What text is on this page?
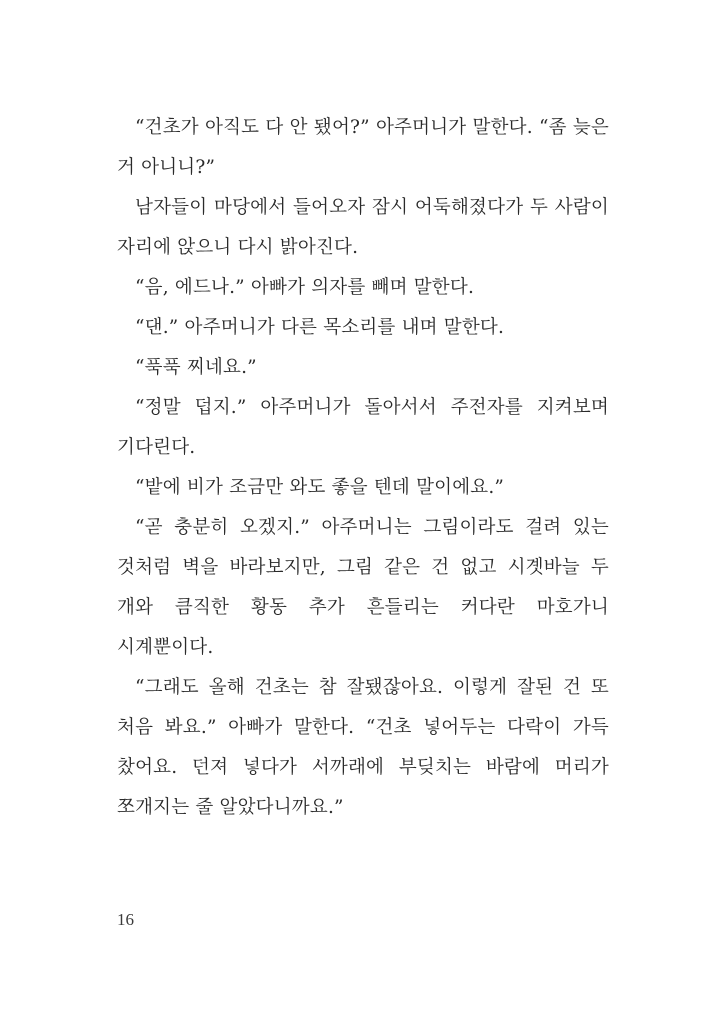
“건초가 아직도 다 안 됐어?” 아주머니가 말한다. “좀 늦은 거 아니니?”

남자들이 마당에서 들어오자 잠시 어둑해졌다가 두 사람이 자리에 앉으니 다시 밝아진다.

“음, 에드나.” 아빠가 의자를 빼며 말한다.

“댄.” 아주머니가 다른 목소리를 내며 말한다.

“푹푹 찌네요.”

“정말 덥지.” 아주머니가 돌아서서 주전자를 지켜보며 기다린다.

“밭에 비가 조금만 와도 좋을 텐데 말이에요.”

“곧 충분히 오겠지.” 아주머니는 그림이라도 걸려 있는 것처럼 벽을 바라보지만, 그림 같은 건 없고 시곗바늘 두 개와 큼직한 황동 추가 흔들리는 커다란 마호가니 시계뿐이다.

“그래도 올해 건초는 참 잘됐잖아요. 이렇게 잘된 건 또 처음 봐요.” 아빠가 말한다. “건초 넣어두는 다락이 가득 찼어요. 던져 넣다가 서까래에 부딪치는 바람에 머리가 쪼개지는 줄 알았다니까요.”

16
